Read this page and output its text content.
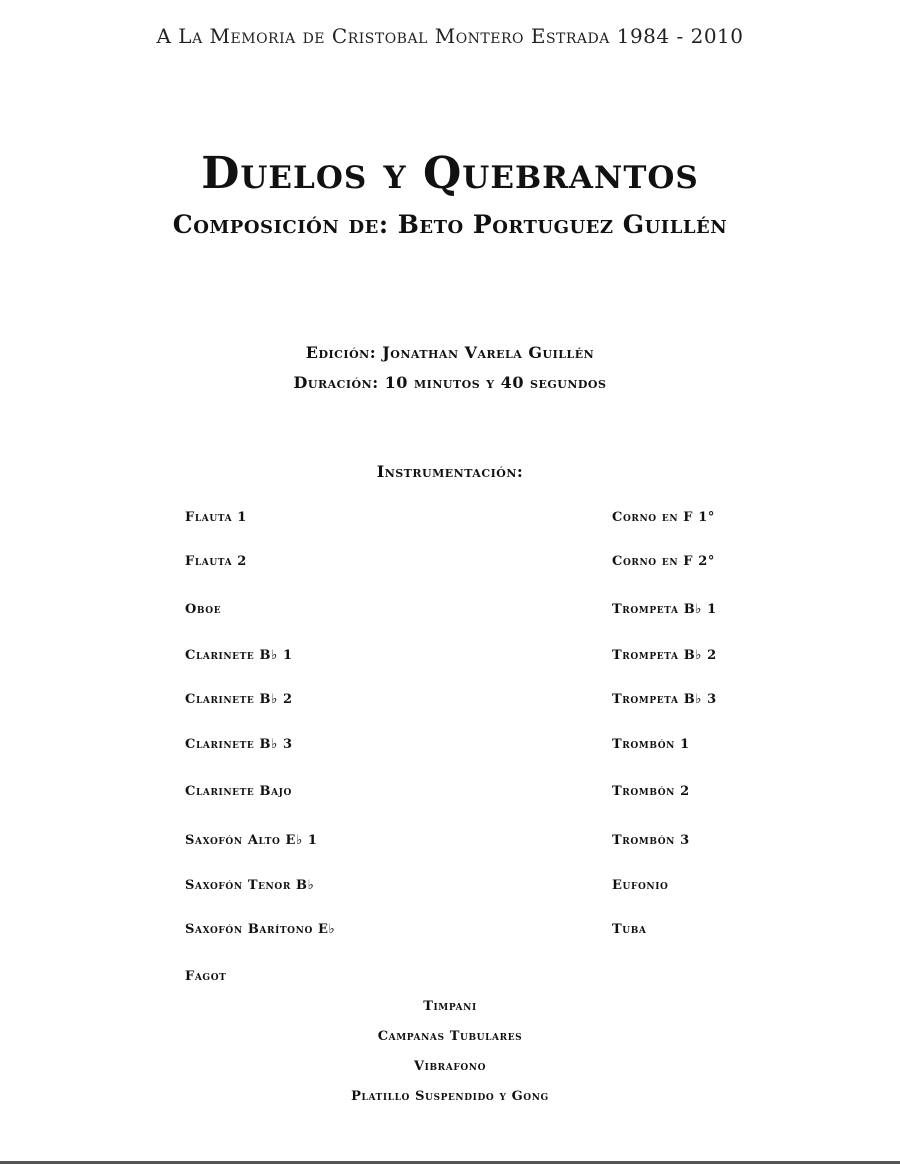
A La Memoria de Cristobal Montero Estrada 1984 - 2010
Duelos y Quebrantos
Composición de: Beto Portuguez Guillén
Edición: Jonathan Varela Guillén
Duración: 10 minutos y 40 segundos
Instrumentación:
Flauta 1
Flauta 2
Oboe
Clarinete B♭ 1
Clarinete B♭ 2
Clarinete B♭ 3
Clarinete Bajo
Saxofón Alto E♭ 1
Saxofón Tenor B♭
Saxofón Barítono E♭
Fagot
Corno en F 1°
Corno en F 2°
Trompeta B♭ 1
Trompeta B♭ 2
Trompeta B♭ 3
Trombón 1
Trombón 2
Trombón 3
Eufonio
Tuba
Timpani
Campanas Tubulares
Vibrafono
Platillo Suspendido y Gong
